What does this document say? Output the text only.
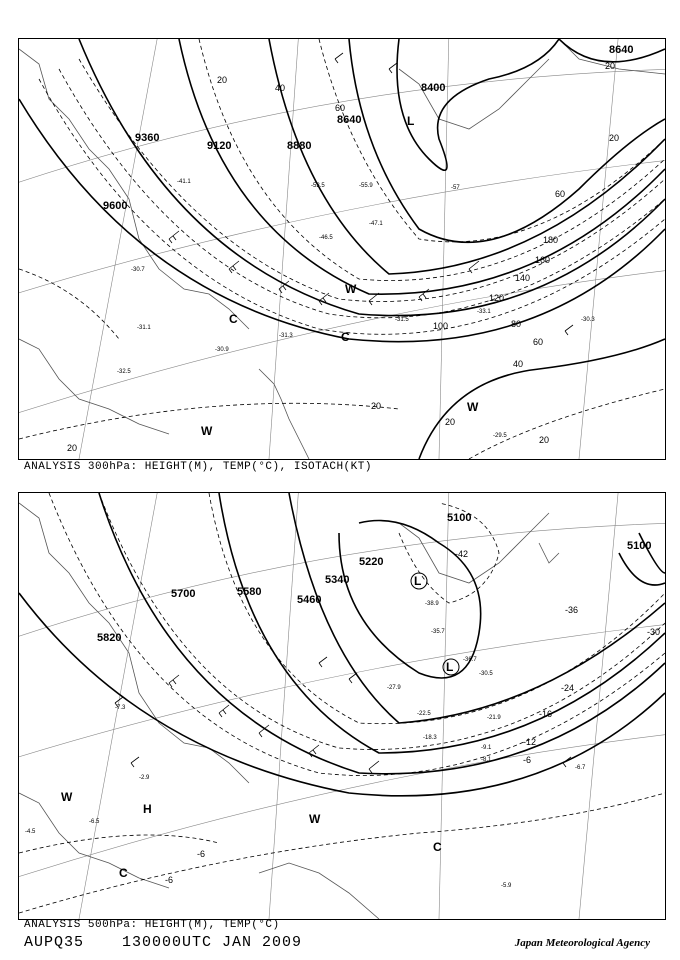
8640
8400
8640
8880
9120
9360
9600
20
40
60
20
60
80
100
120
140
160
180
60
40
20
20
20
20
20
-31.1
-32.5
-30.9
-31.3
-31.5
-33.1
-30.3
-29.5
-53.5	-55.9	-57
-41.1
-47.1
-30.7
-46.5
L
C
C
W
W
W
ANALYSIS 300hPa: HEIGHT(M), TEMP(°C), ISOTACH(KT)
5100
5100
5220
5340
5460
5580
5700
5820
-42
-36
-30
-24
-16
-12
-6
-6
-6
-38.9
-35.7
-36.7
-30.5
-27.9
-22.5
-21.9
-18.3
-9.1
-8.1
-6.7
-7.3
-2.9
-6.5
-5.9
-4.5
L
L
H
W
W
C
C
ANALYSIS 500hPa: HEIGHT(M), TEMP(°C)
AUPQ35	130000UTC JAN 2009	Japan Meteorological Agency
